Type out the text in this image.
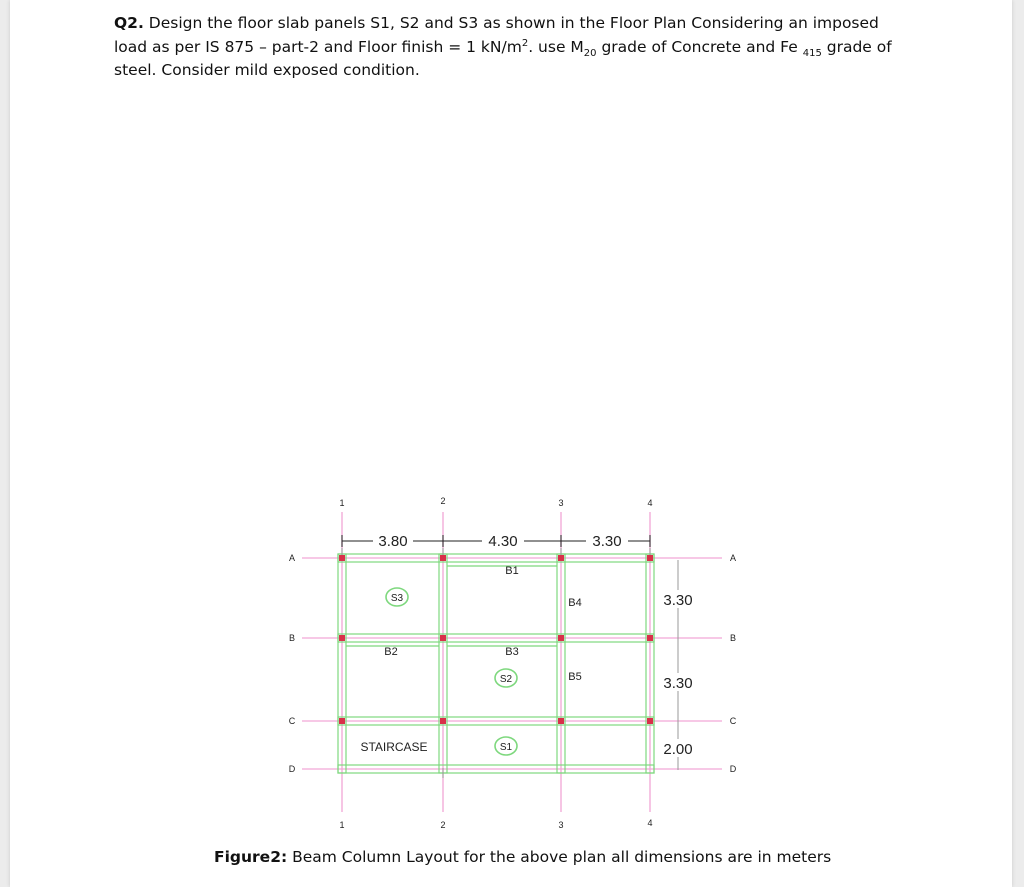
Q2. Design the floor slab panels S1, S2 and S3 as shown in the Floor Plan Considering an imposed load as per IS 875 – part-2 and Floor finish = 1 $kN/m^2$. use $M_{20}$ grade of Concrete and Fe $_{415}$ grade of steel. Consider mild exposed condition.
3.80	4.30	3.30
3.30
3.30
2.00
1	2	3	4
1	2	3	4
A
B
C
D
A
B
C
D
B1
B2	B3
B4
B5
S3
S2
S1
STAIRCASE
Figure2: Beam Column Layout for the above plan all dimensions are in meters
